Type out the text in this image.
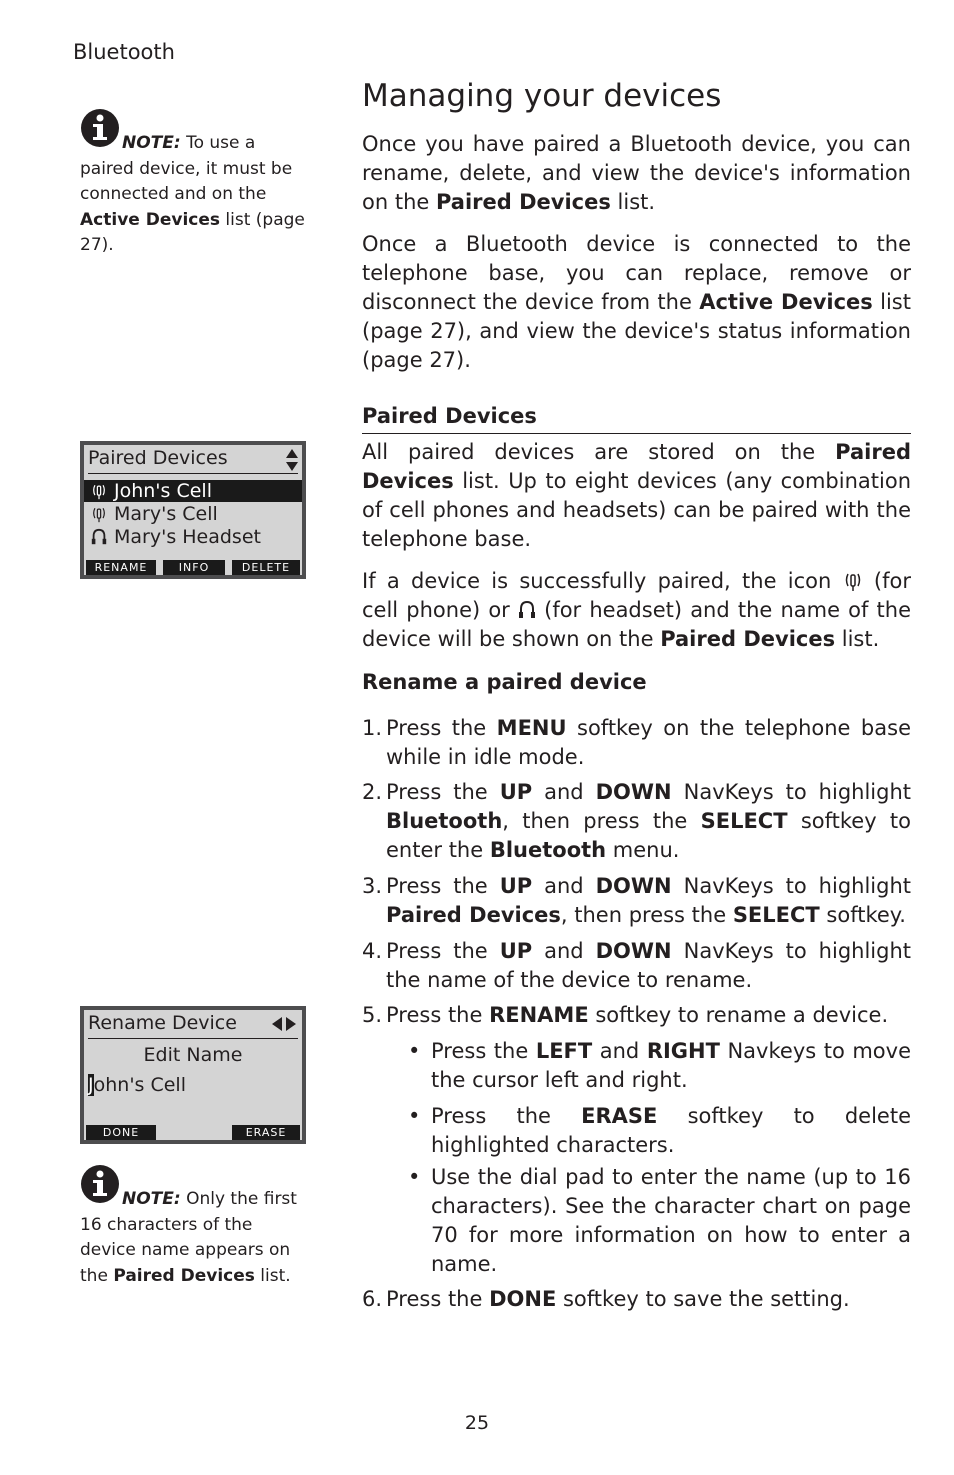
Bluetooth
Managing your devices

Once you have paired a Bluetooth device, you can rename, delete, and view the device's information on the Paired Devices list.

Once a Bluetooth device is connected to the telephone base, you can replace, remove or disconnect the device from the Active Devices list (page 27), and view the device's status information (page 27).

Paired Devices

All paired devices are stored on the Paired Devices list. Up to eight devices (any combination of cell phones and headsets) can be paired with the telephone base.

If a device is successfully paired, the icon (for cell phone) or (for headset) and the name of the device will be shown on the Paired Devices list.

Rename a paired device
1. Press the MENU softkey on the telephone base while in idle mode.

2. Press the UP and DOWN NavKeys to highlight Bluetooth, then press the SELECT softkey to enter the Bluetooth menu.

3. Press the UP and DOWN NavKeys to highlight Paired Devices, then press the SELECT softkey.

4. Press the UP and DOWN NavKeys to highlight the name of the device to rename.

5. Press the RENAME softkey to rename a device.

• Press the LEFT and RIGHT Navkeys to move the cursor left and right.

• Press the ERASE softkey to delete highlighted characters.

• Use the dial pad to enter the name (up to 16 characters). See the character chart on page 70 for more information on how to enter a name.

6. Press the DONE softkey to save the setting.

NOTE: To use a paired device, it must be connected and on the Active Devices list (page 27).

Paired Devices
John's Cell
Mary's Cell
Mary's Headset
RENAME	INFO	DELETE
Rename Device
Edit Name
John's Cell
DONE	ERASE

NOTE: Only the first 16 characters of the device name appears on the Paired Devices list.

25
